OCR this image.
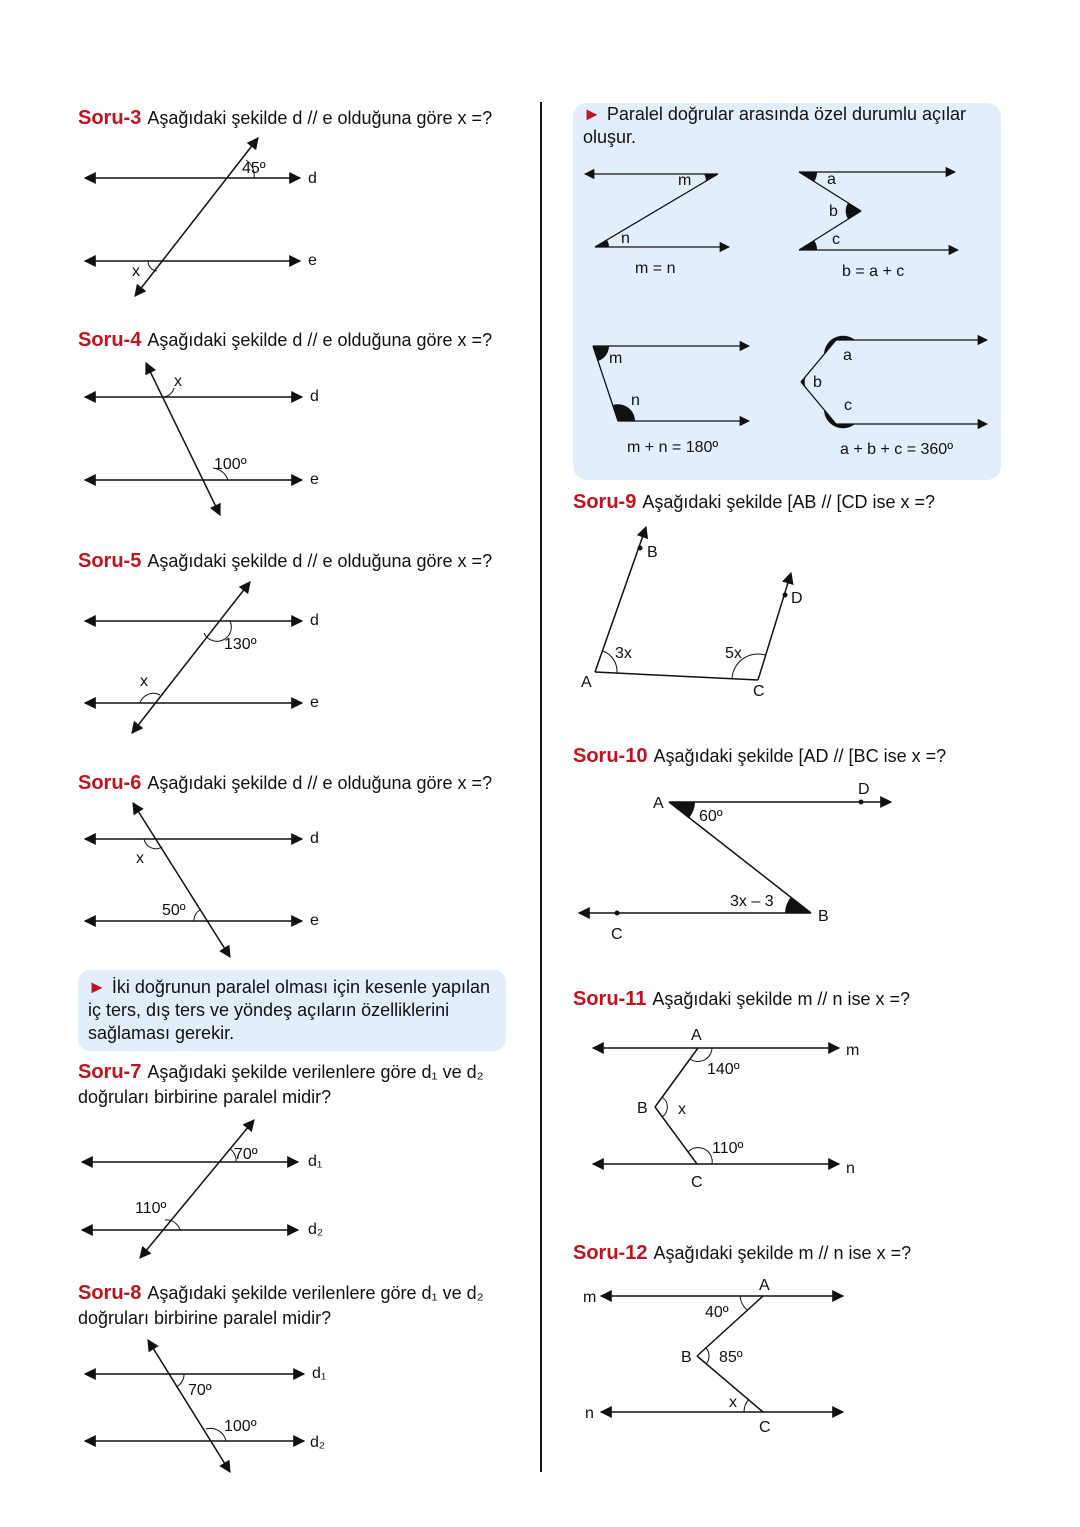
Soru-3 Aşağıdaki şekilde d // e olduğuna göre x =?
45º
x
d
e
Soru-4 Aşağıdaki şekilde d // e olduğuna göre x =?
x
100º
d
e
Soru-5 Aşağıdaki şekilde d // e olduğuna göre x =?
130º
x
d
e
Soru-6 Aşağıdaki şekilde d // e olduğuna göre x =?
x
50º
d
e
► İki doğrunun paralel olması için kesenle yapılan iç ters, dış ters ve yöndeş açıların özelliklerini sağlaması gerekir.
Soru-7 Aşağıdaki şekilde verilenlere göre d₁ ve d₂ doğruları birbirine paralel midir?
70º
110º
d₁
d₂
Soru-8 Aşağıdaki şekilde verilenlere göre d₁ ve d₂ doğruları birbirine paralel midir?
70º
100º
d₁
d₂
► Paralel doğrular arasında özel durumlu açılar oluşur.
m
n
m = n
a
b
c
b = a + c
m
n
m + n = 180º
a
b
c
a + b + c = 360º
Soru-9 Aşağıdaki şekilde [AB // [CD ise x =?
A
B
C
D
3x	5x
Soru-10 Aşağıdaki şekilde [AD // [BC ise x =?
A
D
B
C
60º
3x – 3
Soru-11 Aşağıdaki şekilde m // n ise x =?
A
B
C
m
n
140º
110º
x
Soru-12 Aşağıdaki şekilde m // n ise x =?
A
B
C
m
n
40º
85º
x
